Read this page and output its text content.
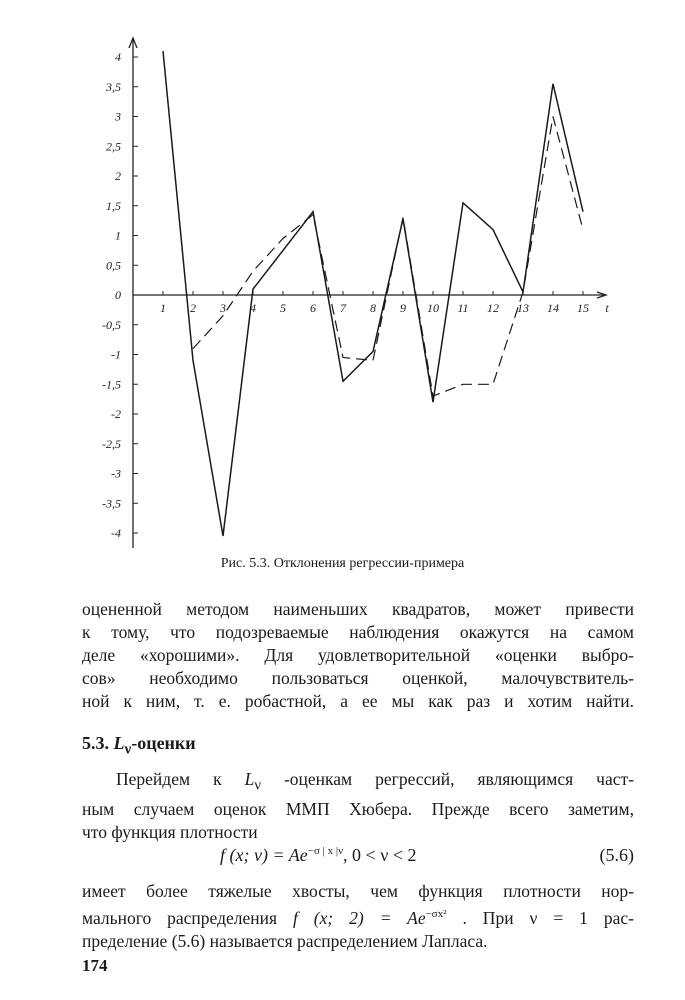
4
3,5
3
2,5
2
1,5
1
0,5
0
-0,5
-1
-1,5
-2
-2,5
-3
-3,5
-4
1 2 3 4 5 6 7 8 9 10 11 12 13 14 15 t
Рис. 5.3. Отклонения регрессии-примера
оцененной методом наименьших квадратов, может привести
к тому, что подозреваемые наблюдения окажутся на самом
деле «хорошими». Для удовлетворительной «оценки выбро-
сов» необходимо пользоваться оценкой, малочувствитель-
ной к ним, т. е. робастной, а ее мы как раз и хотим найти.
5.3. $L_\nu$-оценки
Перейдем к $L_\nu$ -оценкам регрессий, являющимся част-
ным случаем оценок ММП Хюбера. Прежде всего заметим,
что функция плотности
f (x; $\nu) = Ae^{-\sigma | x |\nu}$, 0 < ν < 2	(5.6)
имеет более тяжелые хвосты, чем функция плотности нор-
мального распределения f (x; $2) = Ae^{-\sigma x^2}$ . При ν = 1 рас-
пределение (5.6) называется распределением Лапласа.
174
